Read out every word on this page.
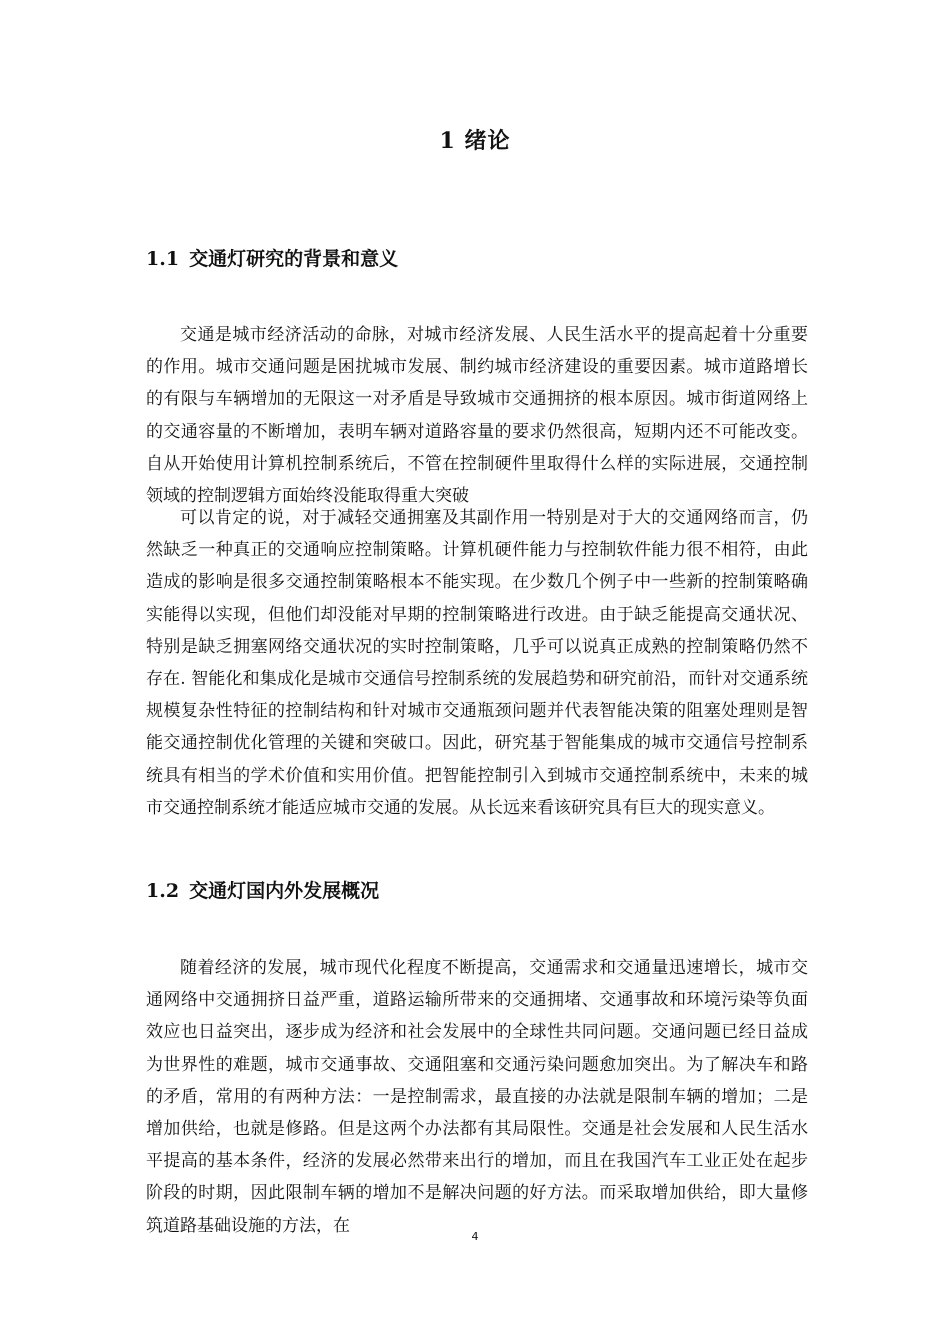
1 绪论
1.1 交通灯研究的背景和意义

交通是城市经济活动的命脉，对城市经济发展、人民生活水平的提高起着十分重要的作用。城市交通问题是困扰城市发展、制约城市经济建设的重要因素。城市道路增长的有限与车辆增加的无限这一对矛盾是导致城市交通拥挤的根本原因。城市街道网络上的交通容量的不断增加，表明车辆对道路容量的要求仍然很高，短期内还不可能改变。自从开始使用计算机控制系统后，不管在控制硬件里取得什么样的实际进展，交通控制领域的控制逻辑方面始终没能取得重大突破

可以肯定的说，对于减轻交通拥塞及其副作用一特别是对于大的交通网络而言，仍然缺乏一种真正的交通响应控制策略。计算机硬件能力与控制软件能力很不相符，由此造成的影响是很多交通控制策略根本不能实现。在少数几个例子中一些新的控制策略确实能得以实现，但他们却没能对早期的控制策略进行改进。由于缺乏能提高交通状况、特别是缺乏拥塞网络交通状况的实时控制策略，几乎可以说真正成熟的控制策略仍然不存在. 智能化和集成化是城市交通信号控制系统的发展趋势和研究前沿，而针对交通系统规模复杂性特征的控制结构和针对城市交通瓶颈问题并代表智能决策的阻塞处理则是智能交通控制优化管理的关键和突破口。因此，研究基于智能集成的城市交通信号控制系统具有相当的学术价值和实用价值。把智能控制引入到城市交通控制系统中，未来的城市交通控制系统才能适应城市交通的发展。从长远来看该研究具有巨大的现实意义。

1.2 交通灯国内外发展概况

随着经济的发展，城市现代化程度不断提高，交通需求和交通量迅速增长，城市交通网络中交通拥挤日益严重，道路运输所带来的交通拥堵、交通事故和环境污染等负面效应也日益突出，逐步成为经济和社会发展中的全球性共同问题。交通问题已经日益成为世界性的难题，城市交通事故、交通阻塞和交通污染问题愈加突出。为了解决车和路的矛盾，常用的有两种方法：一是控制需求，最直接的办法就是限制车辆的增加；二是增加供给，也就是修路。但是这两个办法都有其局限性。交通是社会发展和人民生活水平提高的基本条件，经济的发展必然带来出行的增加，而且在我国汽车工业正处在起步阶段的时期，因此限制车辆的增加不是解决问题的好方法。而采取增加供给，即大量修筑道路基础设施的方法，在

4
